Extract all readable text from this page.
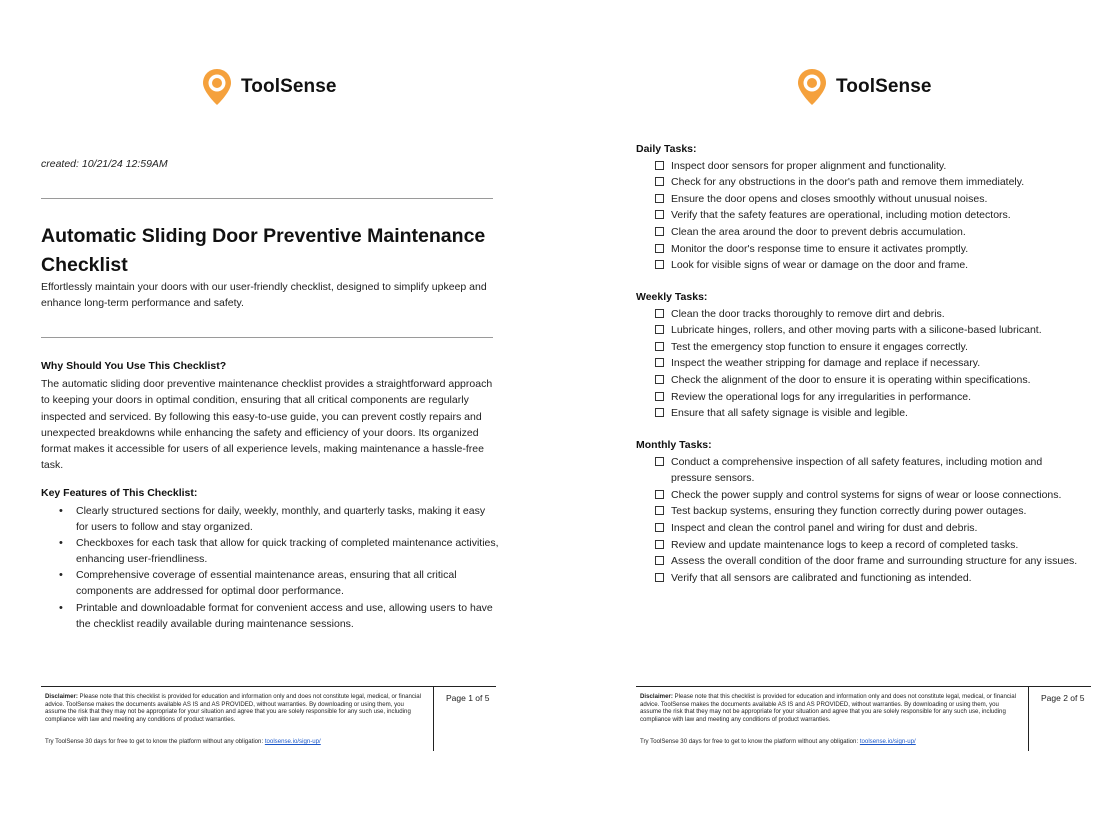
ToolSense
created: 10/21/24 12:59AM
Automatic Sliding Door Preventive Maintenance Checklist

Effortlessly maintain your doors with our user-friendly checklist, designed to simplify upkeep and enhance long-term performance and safety.

Why Should You Use This Checklist?

The automatic sliding door preventive maintenance checklist provides a straightforward approach to keeping your doors in optimal condition, ensuring that all critical components are regularly inspected and serviced. By following this easy-to-use guide, you can prevent costly repairs and unexpected breakdowns while enhancing the safety and efficiency of your doors. Its organized format makes it accessible for users of all experience levels, making maintenance a hassle-free task.

Key Features of This Checklist:
• Clearly structured sections for daily, weekly, monthly, and quarterly tasks, making it easy for users to follow and stay organized.
• Checkboxes for each task that allow for quick tracking of completed maintenance activities, enhancing user-friendliness.
• Comprehensive coverage of essential maintenance areas, ensuring that all critical components are addressed for optimal door performance.
• Printable and downloadable format for convenient access and use, allowing users to have the checklist readily available during maintenance sessions.
Disclaimer: Please note that this checklist is provided for education and information only and does not constitute legal, medical, or financial advice. ToolSense makes the documents available AS IS and AS PROVIDED, without warranties. By downloading or using them, you assume the risk that they may not be appropriate for your situation and agree that you are solely responsible for any such use, including compliance with law and meeting any conditions of product warranties.
Try ToolSense 30 days for free to get to know the platform without any obligation: toolsense.io/sign-up/
Page 1 of 5
ToolSense
Daily Tasks:
Inspect door sensors for proper alignment and functionality.
Check for any obstructions in the door's path and remove them immediately.
Ensure the door opens and closes smoothly without unusual noises.
Verify that the safety features are operational, including motion detectors.
Clean the area around the door to prevent debris accumulation.
Monitor the door's response time to ensure it activates promptly.
Look for visible signs of wear or damage on the door and frame.
Weekly Tasks:
Clean the door tracks thoroughly to remove dirt and debris.
Lubricate hinges, rollers, and other moving parts with a silicone-based lubricant.
Test the emergency stop function to ensure it engages correctly.
Inspect the weather stripping for damage and replace if necessary.
Check the alignment of the door to ensure it is operating within specifications.
Review the operational logs for any irregularities in performance.
Ensure that all safety signage is visible and legible.
Monthly Tasks:
Conduct a comprehensive inspection of all safety features, including motion and pressure sensors.
Check the power supply and control systems for signs of wear or loose connections.
Test backup systems, ensuring they function correctly during power outages.
Inspect and clean the control panel and wiring for dust and debris.
Review and update maintenance logs to keep a record of completed tasks.
Assess the overall condition of the door frame and surrounding structure for any issues.
Verify that all sensors are calibrated and functioning as intended.
Disclaimer: Please note that this checklist is provided for education and information only and does not constitute legal, medical, or financial advice. ToolSense makes the documents available AS IS and AS PROVIDED, without warranties. By downloading or using them, you assume the risk that they may not be appropriate for your situation and agree that you are solely responsible for any such use, including compliance with law and meeting any conditions of product warranties.
Try ToolSense 30 days for free to get to know the platform without any obligation: toolsense.io/sign-up/
Page 2 of 5
